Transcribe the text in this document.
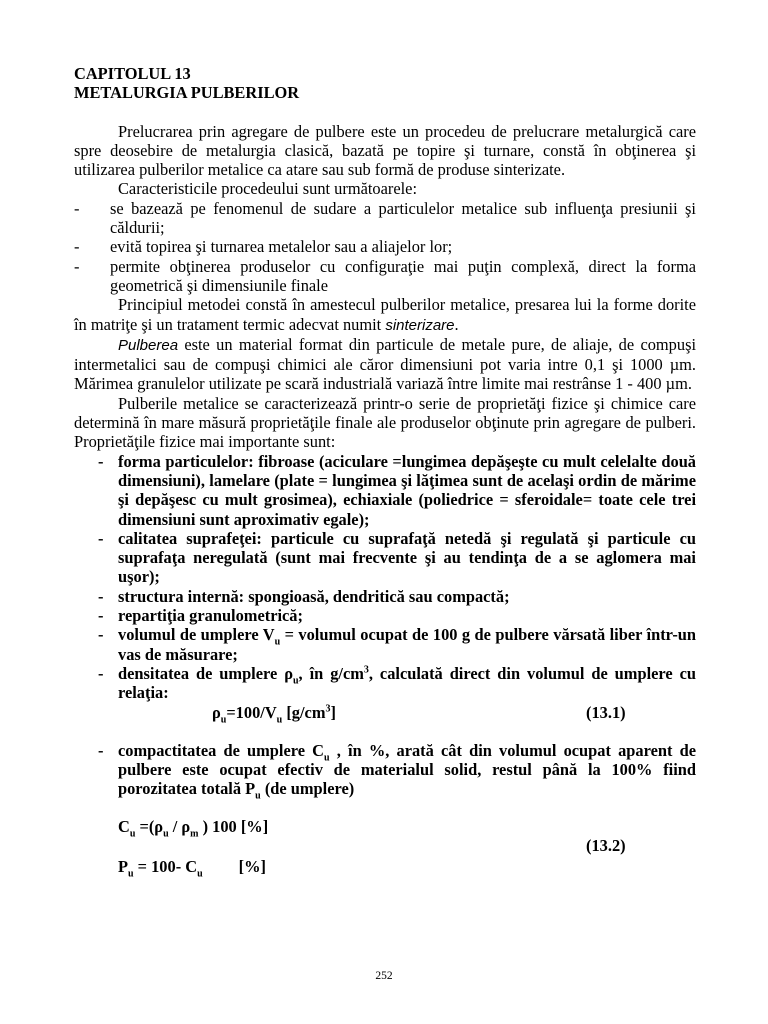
CAPITOLUL 13

METALURGIA PULBERILOR

Prelucrarea prin agregare de pulbere este un procedeu de prelucrare metalurgică care spre deosebire de metalurgia clasică, bazată pe topire şi turnare, constă în obţinerea şi utilizarea pulberilor metalice ca atare sau sub formă de produse sinterizate.

Caracteristicile procedeului sunt următoarele:

- se bazează pe fenomenul de sudare a particulelor metalice sub influenţa presiunii şi căldurii;
- evită topirea şi turnarea metalelor sau a aliajelor lor;
- permite obţinerea produselor cu configuraţie mai puţin complexă, direct la forma geometrică şi dimensiunile finale

Principiul metodei constă în amestecul pulberilor metalice, presarea lui la forme dorite în matriţe şi un tratament termic adecvat numit sinterizare.

Pulberea este un material format din particule de metale pure, de aliaje, de compuşi intermetalici sau de compuşi chimici ale căror dimensiuni pot varia intre 0,1 şi 1000 µm. Mărimea granulelor utilizate pe scară industrială variază între limite mai restrânse 1 - 400 µm.

Pulberile metalice se caracterizează printr-o serie de proprietăţi fizice şi chimice care determină în mare măsură proprietăţile finale ale produselor obţinute prin agregare de pulberi. Proprietăţile fizice mai importante sunt:

- forma particulelor: fibroase (aciculare =lungimea depăşeşte cu mult celelalte două dimensiuni), lamelare (plate = lungimea şi lăţimea sunt de acelaşi ordin de mărime şi depăşesc cu mult grosimea), echiaxiale (poliedrice = sferoidale= toate cele trei dimensiuni sunt aproximativ egale);
- calitatea suprafeţei: particule cu suprafaţă netedă şi regulată şi particule cu suprafaţa neregulată (sunt mai frecvente şi au tendinţa de a se aglomera mai uşor);
- structura internă: spongioasă, dendritică sau compactă;
- repartiţia granulometrică;
- volumul de umplere $V_u$ = volumul ocupat de 100 g de pulbere vărsată liber într-un vas de măsurare;
- densitatea de umplere $\rho_u$, în $g/cm^3$, calculată direct din volumul de umplere cu relaţia:
$\rho_u=100/V_u$ $[g/cm^3]$	(13.1)
- compactitatea de umplere $C_u$ , în %, arată cât din volumul ocupat aparent de pulbere este ocupat efectiv de materialul solid, restul până la 100% fiind porozitatea totală $P_u$ (de umplere)
$C_u =(\rho_u / \rho_m$ ) 100 [%]
(13.2)
$P_u = 100-$ $C_u$ [%]
252
